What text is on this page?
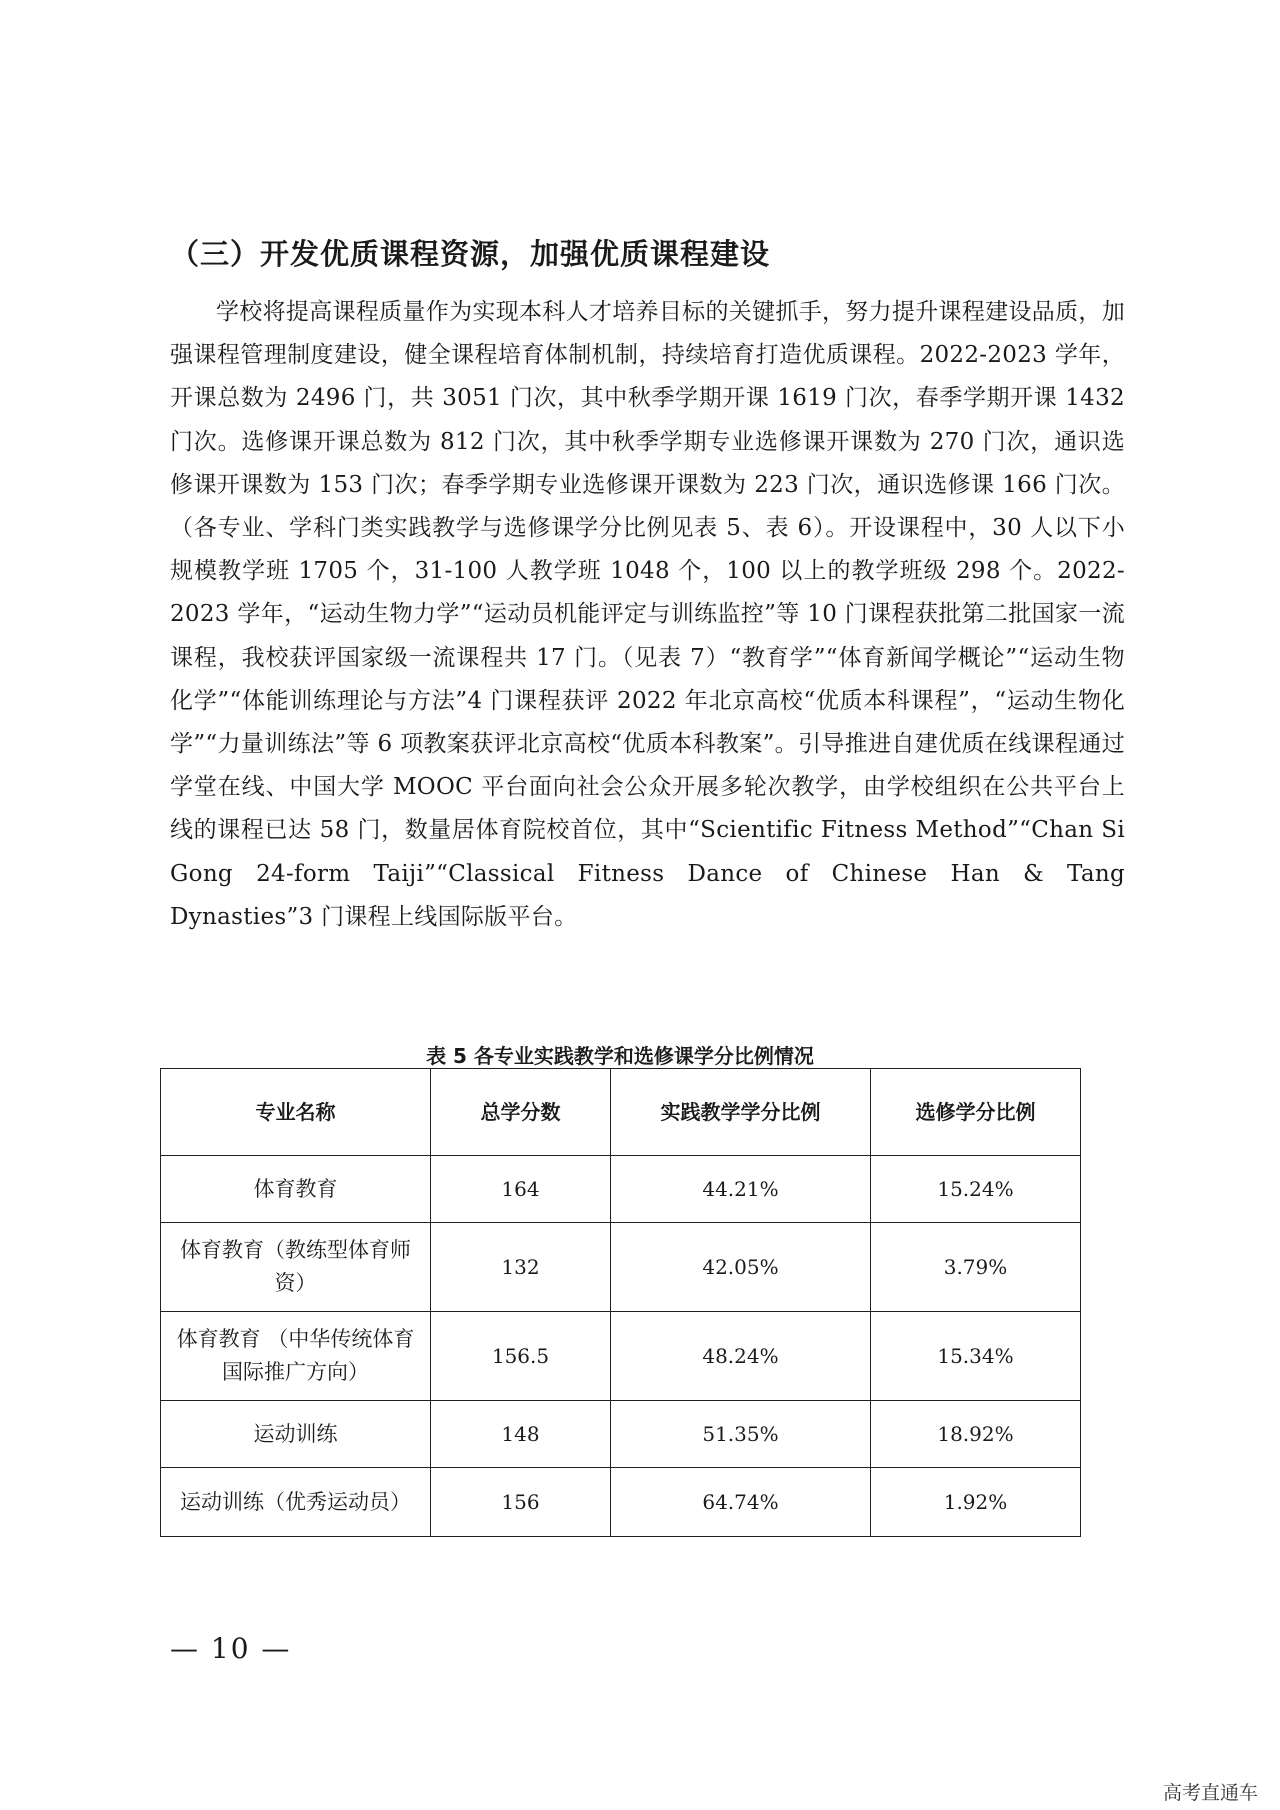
（三）开发优质课程资源，加强优质课程建设

学校将提高课程质量作为实现本科人才培养目标的关键抓手，努力提升课程建设品质，加强课程管理制度建设，健全课程培育体制机制，持续培育打造优质课程。2022-2023 学年，开课总数为 2496 门，共 3051 门次，其中秋季学期开课 1619 门次，春季学期开课 1432 门次。选修课开课总数为 812 门次，其中秋季学期专业选修课开课数为 270 门次，通识选修课开课数为 153 门次；春季学期专业选修课开课数为 223 门次，通识选修课 166 门次。（各专业、学科门类实践教学与选修课学分比例见表 5、表 6）。开设课程中，30 人以下小规模教学班 1705 个，31-100 人教学班 1048 个，100 以上的教学班级 298 个。2022-2023 学年，“运动生物力学”“运动员机能评定与训练监控”等 10 门课程获批第二批国家一流课程，我校获评国家级一流课程共 17 门。（见表 7）“教育学”“体育新闻学概论”“运动生物化学”“体能训练理论与方法”4 门课程获评 2022 年北京高校“优质本科课程”，“运动生物化学”“力量训练法”等 6 项教案获评北京高校“优质本科教案”。引导推进自建优质在线课程通过学堂在线、中国大学 MOOC 平台面向社会公众开展多轮次教学，由学校组织在公共平台上线的课程已达 58 门，数量居体育院校首位，其中“Scientific Fitness Method”“Chan Si Gong 24-form Taiji”“Classical Fitness Dance of Chinese Han & Tang Dynasties”3 门课程上线国际版平台。

表 5 各专业实践教学和选修课学分比例情况

专业名称	总学分数	实践教学学分比例	选修学分比例
体育教育	164	44.21%	15.24%
体育教育（教练型体育师资）	132	42.05%	3.79%
体育教育 （中华传统体育国际推广方向）	156.5	48.24%	15.34%
运动训练	148	51.35%	18.92%
运动训练（优秀运动员）	156	64.74%	1.92%

— 10 —

高考直通车
